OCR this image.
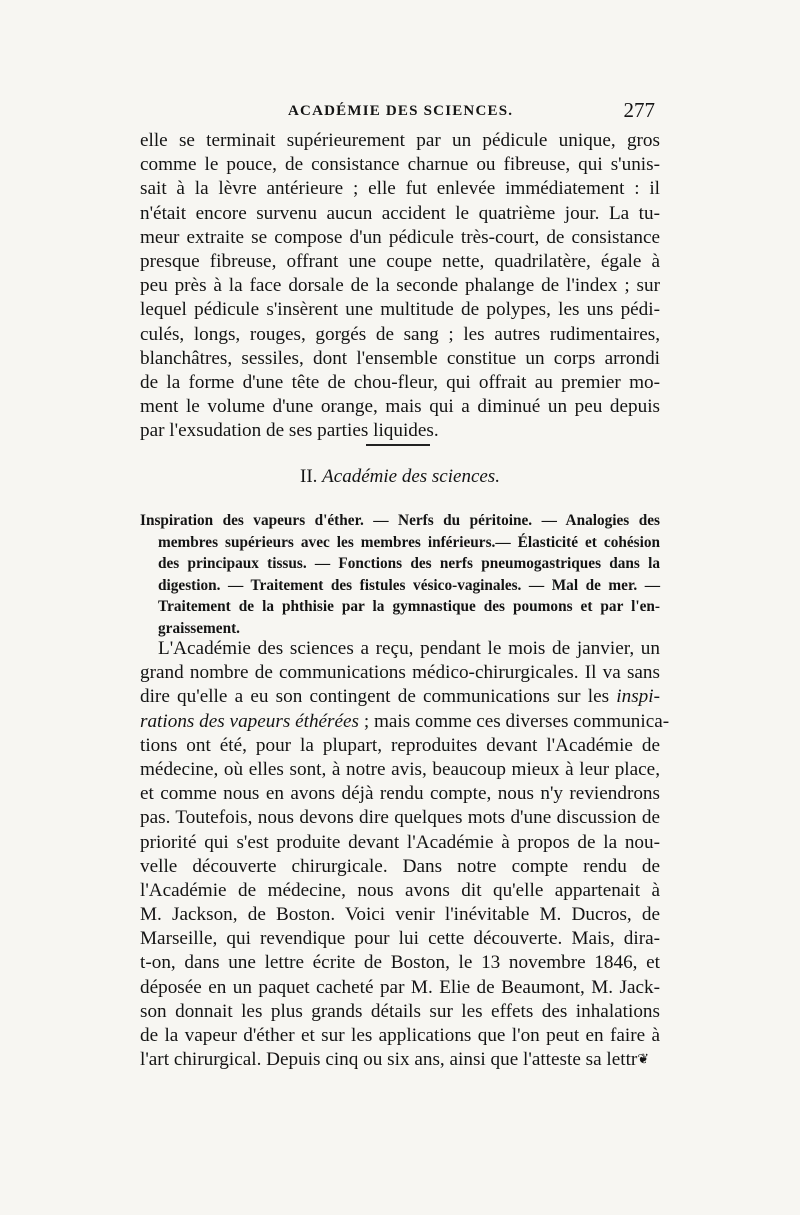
ACADÉMIE DES SCIENCES.	277
elle se terminait supérieurement par un pédicule unique, gros
comme le pouce, de consistance charnue ou fibreuse, qui s'unis-
sait à la lèvre antérieure ; elle fut enlevée immédiatement : il
n'était encore survenu aucun accident le quatrième jour. La tu-
meur extraite se compose d'un pédicule très-court, de consistance
presque fibreuse, offrant une coupe nette, quadrilatère, égale à
peu près à la face dorsale de la seconde phalange de l'index ; sur
lequel pédicule s'insèrent une multitude de polypes, les uns pédi-
culés, longs, rouges, gorgés de sang ; les autres rudimentaires,
blanchâtres, sessiles, dont l'ensemble constitue un corps arrondi
de la forme d'une tête de chou-fleur, qui offrait au premier mo-
ment le volume d'une orange, mais qui a diminué un peu depuis
par l'exsudation de ses parties liquides.
II. Académie des sciences.
Inspiration des vapeurs d'éther. — Nerfs du péritoine. — Analogies des
membres supérieurs avec les membres inférieurs.— Élasticité et cohésion
des principaux tissus. — Fonctions des nerfs pneumogastriques dans la
digestion. — Traitement des fistules vésico-vaginales. — Mal de mer. —
Traitement de la phthisie par la gymnastique des poumons et par l'en-
graissement.
L'Académie des sciences a reçu, pendant le mois de janvier, un
grand nombre de communications médico-chirurgicales. Il va sans
dire qu'elle a eu son contingent de communications sur les inspi-
rations des vapeurs éthérées ; mais comme ces diverses communica-
tions ont été, pour la plupart, reproduites devant l'Académie de
médecine, où elles sont, à notre avis, beaucoup mieux à leur place,
et comme nous en avons déjà rendu compte, nous n'y reviendrons
pas. Toutefois, nous devons dire quelques mots d'une discussion de
priorité qui s'est produite devant l'Académie à propos de la nou-
velle découverte chirurgicale. Dans notre compte rendu de
l'Académie de médecine, nous avons dit qu'elle appartenait à
M. Jackson, de Boston. Voici venir l'inévitable M. Ducros, de
Marseille, qui revendique pour lui cette découverte. Mais, dira-
t-on, dans une lettre écrite de Boston, le 13 novembre 1846, et
déposée en un paquet cacheté par M. Elie de Beaumont, M. Jack-
son donnait les plus grands détails sur les effets des inhalations
de la vapeur d'éther et sur les applications que l'on peut en faire à
l'art chirurgical. Depuis cinq ou six ans, ainsi que l'atteste sa lettr❦
